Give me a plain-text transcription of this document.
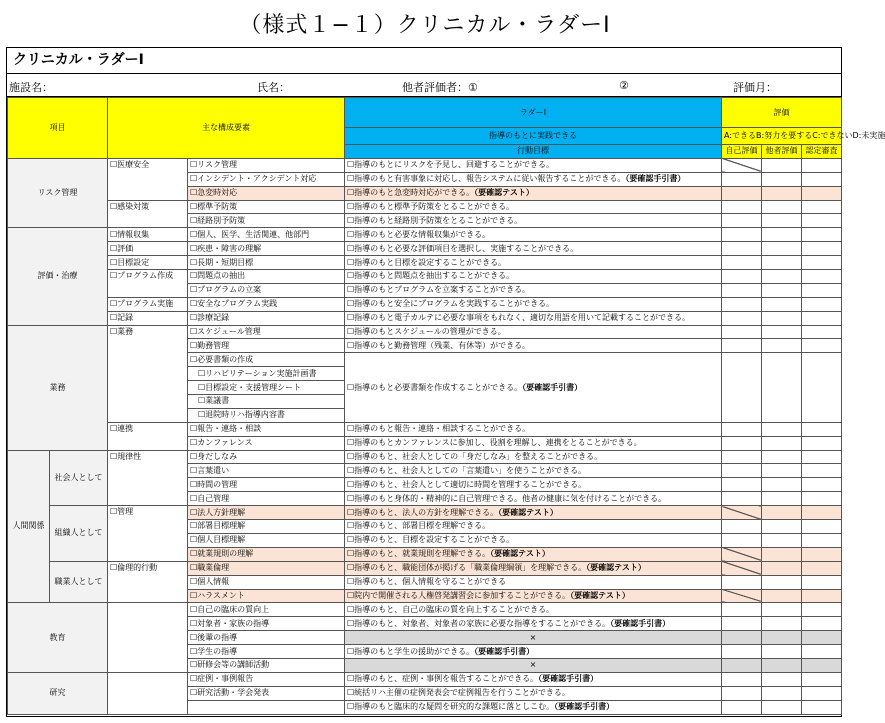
（様式１−１）クリニカル・ラダーⅠ
クリニカル・ラダーⅠ
施設名：	氏名：	他者評価者：①	②	評価月：
項目		主な構成要素		ラダーⅠ	評価		
				指導のもとに実践できる	A:できるB:努力を要するC:できないD:未実施		
				行動目標	自己評価	他者評価	認定審査
リスク管理		☐医療安全	☐リスク管理	☐指導のもとにリスクを予見し、回避することができる。			
			☐インシデント・アクシデント対応	☐指導のもと有害事象に対応し、報告システムに従い報告することができる。（要確認手引書）			
			☐急変時対応	☐指導のもと急変時対応ができる。（要確認テスト）			
		☐感染対策	☐標準予防策	☐指導のもと標準予防策をとることができる。			
			☐経路別予防策	☐指導のもと経路別予防策をとることができる。			
評価・治療		☐情報収集	☐個人、医学、生活関連、他部門	☐指導のもと必要な情報収集ができる。			
		☐評価	☐疾患・障害の理解	☐指導のもと必要な評価項目を選択し、実施することができる。			
		☐目標設定	☐長期・短期目標	☐指導のもと目標を設定することができる。			
		☐プログラム作成	☐問題点の抽出	☐指導のもと問題点を抽出することができる。			
			☐プログラムの立案	☐指導のもとプログラムを立案することができる。			
		☐プログラム実施	☐安全なプログラム実践	☐指導のもと安全にプログラムを実践することができる。			
		☐記録	☐診療記録	☐指導のもと電子カルテに必要な事項をもれなく、適切な用語を用いて記載することができる。			
業務		☐業務	☐スケジュール管理	☐指導のもとスケジュールの管理ができる。			
			☐勤務管理	☐指導のもと勤務管理（残業、有休等）ができる。			
			☐必要書類の作成	☐指導のもと必要書類を作成することができる。（要確認手引書）			
			☐リハビリテーション実施計画書				
			☐目標設定・支援管理シート				
			☐業議書				
			☐退院時リハ指導内容書				
		☐連携	☐報告・連絡・相談	☐指導のもと報告・連絡・相談することができる。			
			☐カンファレンス	☐指導のもとカンファレンスに参加し、役割を理解し、連携をとることができる。			
人間関係	社会人として	☐規律性	☐身だしなみ	☐指導のもと、社会人としての「身だしなみ」を整えることができる。			
			☐言葉遣い	☐指導のもと、社会人としての「言葉遣い」を使うことができる。			
			☐時間の管理	☐指導のもと、社会人として適切に時間を管理することができる。			
			☐自己管理	☐指導のもと身体的・精神的に自己管理できる。他者の健康に気を付けることができる。			
	組織人として	☐管理	☐法人方針理解	☐指導のもと、法人の方針を理解できる。（要確認テスト）			
			☐部署目標理解	☐指導のもと、部署目標を理解できる。			
			☐個人目標理解	☐指導のもと、目標を設定することができる。			
			☐就業規則の理解	☐指導のもと、就業規則を理解できる。（要確認テスト）			
	職業人として	☐倫理的行動	☐職業倫理	☐指導のもと、職能団体が掲げる「職業倫理綱領」を理解できる。（要確認テスト）			
			☐個人情報	☐指導のもと、個人情報を守ることができる			
			☐ハラスメント	☐院内で開催される人権啓発講習会に参加することができる。（要確認テスト）			
教育			☐自己の臨床の質向上	☐指導のもと、自己の臨床の質を向上することができる。			
			☐対象者・家族の指導	☐指導のもと、対象者、対象者の家族に必要な指導をすることができる。（要確認手引書）			
			☐後輩の指導	×			
			☐学生の指導	☐指導のもと学生の援助ができる。（要確認手引書）			
			☐研修会等の講師活動	×			
研究			☐症例・事例報告	☐指導のもと、症例・事例を報告することができる。（要確認手引書）			
			☐研究活動・学会発表	☐統括リハ主催の症例発表会で症例報告を行うことができる。			
				☐指導のもと臨床的な疑問を研究的な課題に落としこむ。（要確認手引書）			
